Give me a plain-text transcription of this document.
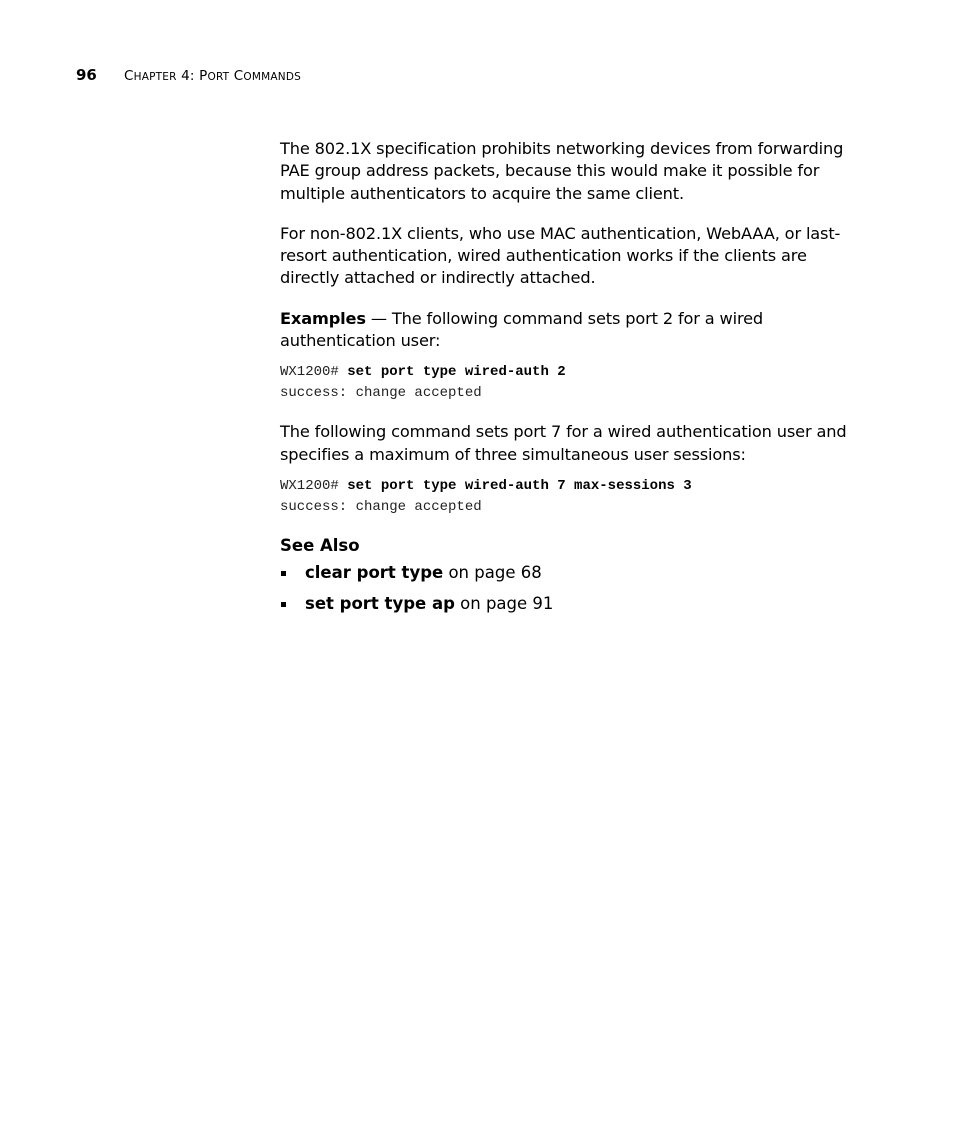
96 CHAPTER 4: PORT COMMANDS

The 802.1X specification prohibits networking devices from forwarding PAE group address packets, because this would make it possible for multiple authenticators to acquire the same client.

For non-802.1X clients, who use MAC authentication, WebAAA, or last-resort authentication, wired authentication works if the clients are directly attached or indirectly attached.

Examples — The following command sets port 2 for a wired authentication user:

WX1200# set port type wired-auth 2
success: change accepted

The following command sets port 7 for a wired authentication user and specifies a maximum of three simultaneous user sessions:

WX1200# set port type wired-auth 7 max-sessions 3
success: change accepted
See Also
clear port type on page 68
set port type ap on page 91
